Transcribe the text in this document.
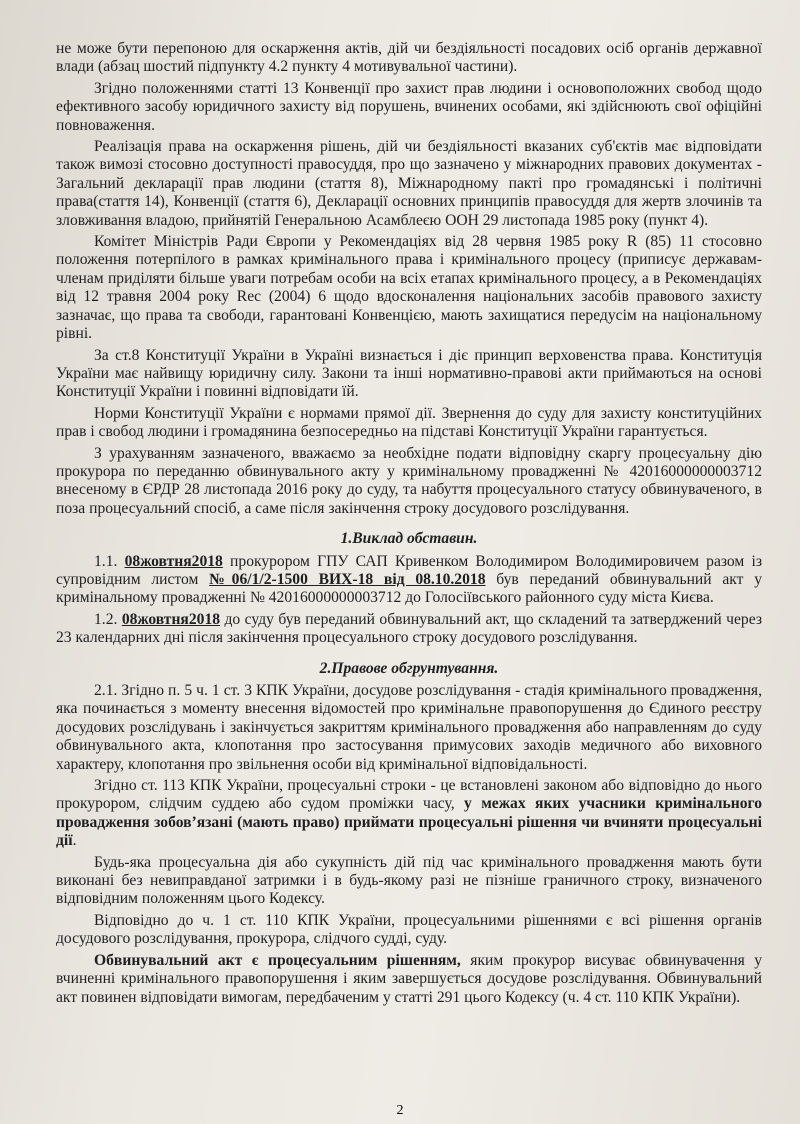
не може бути перепоною для оскарження актів, дій чи бездіяльності посадових осіб органів державної влади (абзац шостий підпункту 4.2 пункту 4 мотивувальної частини).

Згідно положеннями статті 13 Конвенції про захист прав людини і основоположних свобод щодо ефективного засобу юридичного захисту від порушень, вчинених особами, які здійснюють свої офіційні повноваження.

Реалізація права на оскарження рішень, дій чи бездіяльності вказаних суб'єктів має відповідати також вимозі стосовно доступності правосуддя, про що зазначено у міжнародних правових документах - Загальний декларації прав людини (стаття 8), Міжнародному пакті про громадянські і політичні права(стаття 14), Конвенції (стаття 6), Декларації основних принципів правосуддя для жертв злочинів та зловживання владою, прийнятій Генеральною Асамблеєю ООН 29 листопада 1985 року (пункт 4).

Комітет Міністрів Ради Європи у Рекомендаціях від 28 червня 1985 року R (85) 11 стосовно положення потерпілого в рамках кримінального права і кримінального процесу (приписує державам-членам приділяти більше уваги потребам особи на всіх етапах кримінального процесу, а в Рекомендаціях від 12 травня 2004 року Rec (2004) 6 щодо вдосконалення національних засобів правового захисту зазначає, що права та свободи, гарантовані Конвенцією, мають захищатися передусім на національному рівні.

За ст.8 Конституції України в Україні визнається і діє принцип верховенства права. Конституція України має найвищу юридичну силу. Закони та інші нормативно-правові акти приймаються на основі Конституції України і повинні відповідати їй.

Норми Конституції України є нормами прямої дії. Звернення до суду для захисту конституційних прав і свобод людини і громадянина безпосередньо на підставі Конституції України гарантується.

З урахуванням зазначеного, вважаємо за необхідне подати відповідну скаргу процесуальну дію прокурора по переданню обвинувального акту у кримінальному провадженні № 42016000000003712 внесеному в ЄРДР 28 листопада 2016 року до суду, та набуття процесуального статусу обвинуваченого, в поза процесуальний спосіб, а саме після закінчення строку досудового розслідування.

1.Виклад обставин.

1.1. 08жовтня2018 прокурором ГПУ САП Кривенком Володимиром Володимировичем разом із супровідним листом №06/1/2-1500 ВИХ-18 від 08.10.2018 був переданий обвинувальний акт у кримінальному провадженні № 42016000000003712 до Голосіївського районного суду міста Києва.

1.2. 08жовтня2018 до суду був переданий обвинувальний акт, що складений та затверджений через 23 календарних дні після закінчення процесуального строку досудового розслідування.

2.Правове обгрунтування.

2.1. Згідно п. 5 ч. 1 ст. 3 КПК України, досудове розслідування - стадія кримінального провадження, яка починається з моменту внесення відомостей про кримінальне правопорушення до Єдиного реєстру досудових розслідувань і закінчується закриттям кримінального провадження або направленням до суду обвинувального акта, клопотання про застосування примусових заходів медичного або виховного характеру, клопотання про звільнення особи від кримінальної відповідальності.

Згідно ст. 113 КПК України, процесуальні строки - це встановлені законом або відповідно до нього прокурором, слідчим суддею або судом проміжки часу, у межах яких учасники кримінального провадження зобов’язані (мають право) приймати процесуальні рішення чи вчиняти процесуальні дії.

Будь-яка процесуальна дія або сукупність дій під час кримінального провадження мають бути виконані без невиправданої затримки і в будь-якому разі не пізніше граничного строку, визначеного відповідним положенням цього Кодексу.

Відповідно до ч. 1 ст. 110 КПК України, процесуальними рішеннями є всі рішення органів досудового розслідування, прокурора, слідчого судді, суду.

Обвинувальний акт є процесуальним рішенням, яким прокурор висуває обвинувачення у вчиненні кримінального правопорушення і яким завершується досудове розслідування. Обвинувальний акт повинен відповідати вимогам, передбаченим у статті 291 цього Кодексу (ч. 4 ст. 110 КПК України).

2
